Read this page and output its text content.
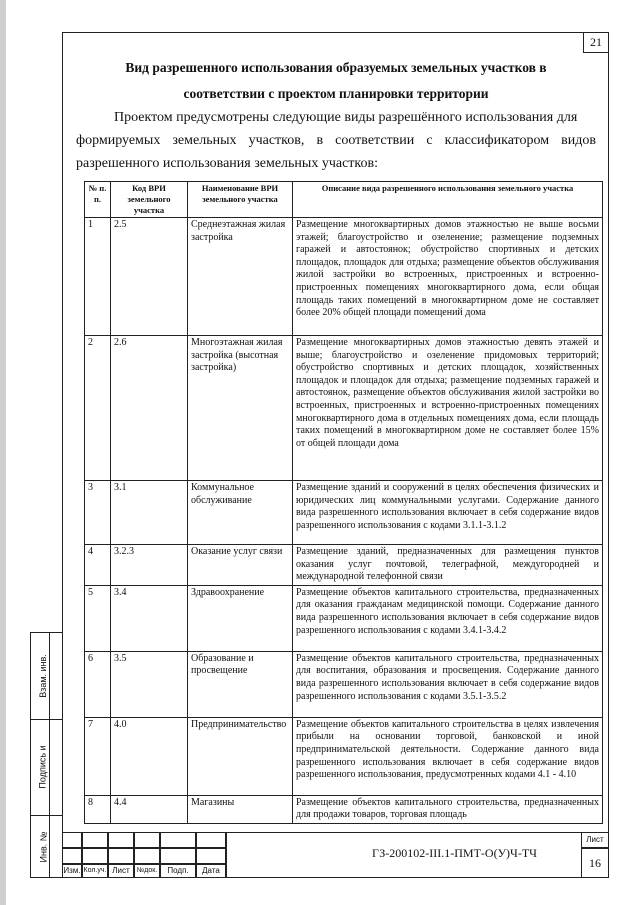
21
Вид разрешенного использования образуемых земельных участков в
соответствии с проектом планировки территории
Проектом предусмотрены следующие виды разрешённого использования для
формируемых земельных участков, в соответствии с классификатором видов
разрешенного использования земельных участков:
№ п. п.	Код ВРИ земельного участка	Наименование ВРИ земельного участка	Описание вида разрешенного использования земельного участка
1	2.5	Среднеэтажная жилая застройка	Размещение многоквартирных домов этажностью не выше восьми этажей; благоустройство и озеленение; размещение подземных гаражей и автостоянок; обустройство спортивных и детских площадок, площадок для отдыха; размещение объектов обслуживания жилой застройки во встроенных, пристроенных и встроенно-пристроенных помещениях многоквартирного дома, если общая площадь таких помещений в многоквартирном доме не составляет более 20% общей площади помещений дома
2	2.6	Многоэтажная жилая застройка (высотная застройка)	Размещение многоквартирных домов этажностью девять этажей и выше; благоустройство и озеленение придомовых территорий; обустройство спортивных и детских площадок, хозяйственных площадок и площадок для отдыха; размещение подземных гаражей и автостоянок, размещение объектов обслуживания жилой застройки во встроенных, пристроенных и встроенно-пристроенных помещениях многоквартирного дома в отдельных помещениях дома, если площадь таких помещений в многоквартирном доме не составляет более 15% от общей площади дома
3	3.1	Коммунальное обслуживание	Размещение зданий и сооружений в целях обеспечения физических и юридических лиц коммунальными услугами. Содержание данного вида разрешенного использования включает в себя содержание видов разрешенного использования с кодами 3.1.1-3.1.2
4	3.2.3	Оказание услуг связи	Размещение зданий, предназначенных для размещения пунктов оказания услуг почтовой, телеграфной, междугородней и международной телефонной связи
5	3.4	Здравоохранение	Размещение объектов капитального строительства, предназначенных для оказания гражданам медицинской помощи. Содержание данного вида разрешенного использования включает в себя содержание видов разрешенного использования с кодами 3.4.1-3.4.2
6	3.5	Образование и просвещение	Размещение объектов капитального строительства, предназначенных для воспитания, образования и просвещения. Содержание данного вида разрешенного использования включает в себя содержание видов разрешенного использования с кодами 3.5.1-3.5.2
7	4.0	Предпринимательство	Размещение объектов капитального строительства в целях извлечения прибыли на основании торговой, банковской и иной предпринимательской деятельности. Содержание данного вида разрешенного использования включает в себя содержание видов разрешенного использования, предусмотренных кодами 4.1 - 4.10
8	4.4	Магазины	Размещение объектов капитального строительства, предназначенных для продажи товаров, торговая площадь
Взам. инв.
Подпись и
Инв. №
Изм. Кол.уч. Лист	№док.	Подп.	Дата
ГЗ-200102-III.1-ПМТ-О(У)Ч-ТЧ
Лист
16
